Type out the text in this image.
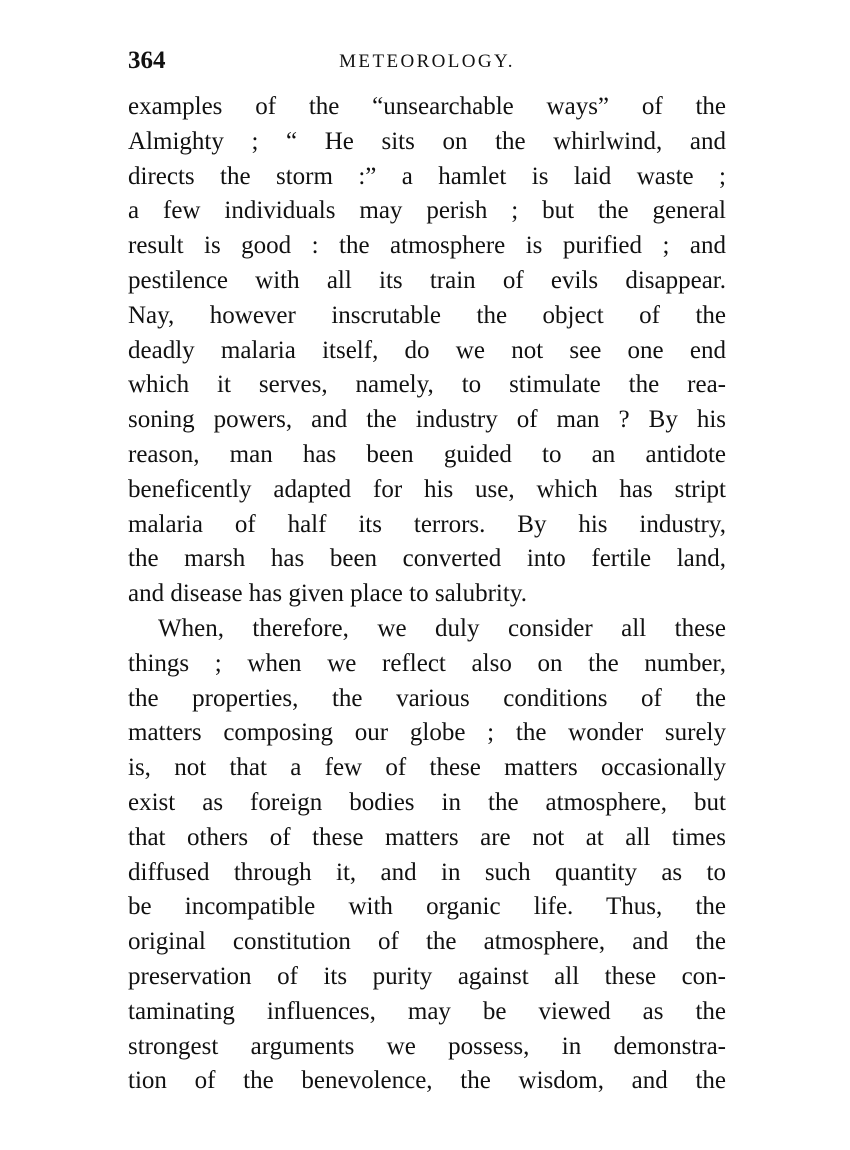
364	METEOROLOGY.
examples of the “unsearchable ways” of the
Almighty ; “ He sits on the whirlwind, and
directs the storm :” a hamlet is laid waste ;
a few individuals may perish ; but the general
result is good : the atmosphere is purified ; and
pestilence with all its train of evils disappear.
Nay, however inscrutable the object of the
deadly malaria itself, do we not see one end
which it serves, namely, to stimulate the rea-
soning powers, and the industry of man ? By his
reason, man has been guided to an antidote
beneficently adapted for his use, which has stript
malaria of half its terrors. By his industry,
the marsh has been converted into fertile land,
and disease has given place to salubrity.
When, therefore, we duly consider all these
things ; when we reflect also on the number,
the properties, the various conditions of the
matters composing our globe ; the wonder surely
is, not that a few of these matters occasionally
exist as foreign bodies in the atmosphere, but
that others of these matters are not at all times
diffused through it, and in such quantity as to
be incompatible with organic life. Thus, the
original constitution of the atmosphere, and the
preservation of its purity against all these con-
taminating influences, may be viewed as the
strongest arguments we possess, in demonstra-
tion of the benevolence, the wisdom, and the
